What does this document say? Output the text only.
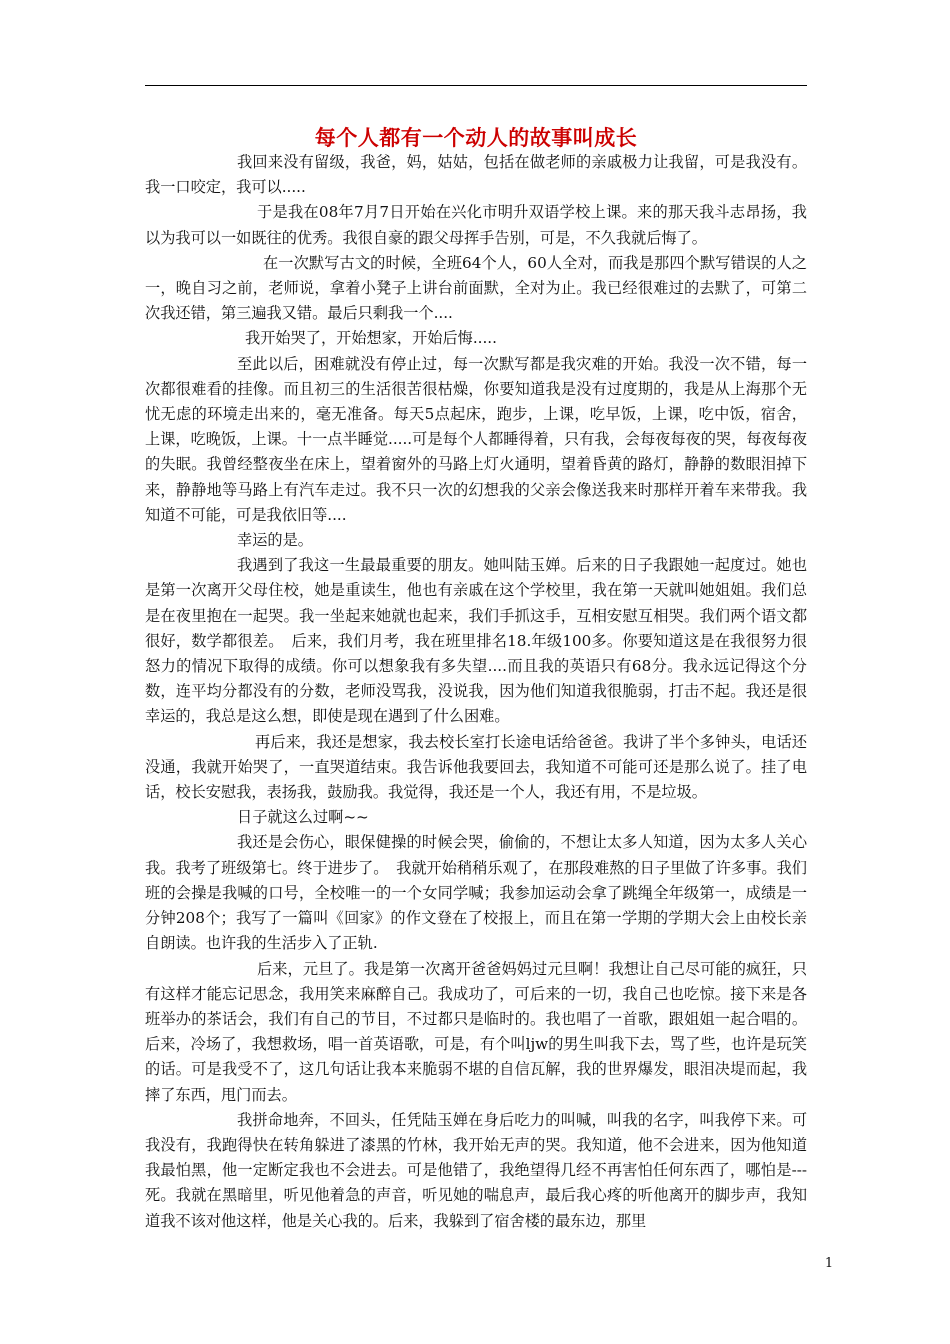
每个人都有一个动人的故事叫成长

我回来没有留级，我爸，妈，姑姑，包括在做老师的亲戚极力让我留，可是我没有。我一口咬定，我可以.....

于是我在08年7月7日开始在兴化市明升双语学校上课。来的那天我斗志昂扬，我以为我可以一如既往的优秀。我很自豪的跟父母挥手告别，可是，不久我就后悔了。

在一次默写古文的时候，全班64个人，60人全对，而我是那四个默写错误的人之一，晚自习之前，老师说，拿着小凳子上讲台前面默，全对为止。我已经很难过的去默了，可第二次我还错，第三遍我又错。最后只剩我一个....

我开始哭了，开始想家，开始后悔.....

至此以后，困难就没有停止过，每一次默写都是我灾难的开始。我没一次不错，每一次都很难看的挂像。而且初三的生活很苦很枯燥，你要知道我是没有过度期的，我是从上海那个无忧无虑的环境走出来的，毫无准备。每天5点起床，跑步，上课，吃早饭，上课，吃中饭，宿舍，上课，吃晚饭，上课。十一点半睡觉.....可是每个人都睡得着，只有我，会每夜每夜的哭，每夜每夜的失眠。我曾经整夜坐在床上，望着窗外的马路上灯火通明，望着昏黄的路灯，静静的数眼泪掉下来，静静地等马路上有汽车走过。我不只一次的幻想我的父亲会像送我来时那样开着车来带我。我知道不可能，可是我依旧等....

幸运的是。

我遇到了我这一生最最重要的朋友。她叫陆玉婵。后来的日子我跟她一起度过。她也是第一次离开父母住校，她是重读生，他也有亲戚在这个学校里，我在第一天就叫她姐姐。我们总是在夜里抱在一起哭。我一坐起来她就也起来，我们手抓这手，互相安慰互相哭。我们两个语文都很好，数学都很差。　后来，我们月考，我在班里排名18.年级100多。你要知道这是在我很努力很怒力的情况下取得的成绩。你可以想象我有多失望....而且我的英语只有68分。我永远记得这个分数，连平均分都没有的分数，老师没骂我，没说我，因为他们知道我很脆弱，打击不起。我还是很幸运的，我总是这么想，即使是现在遇到了什么困难。

再后来，我还是想家，我去校长室打长途电话给爸爸。我讲了半个多钟头，电话还没通，我就开始哭了，一直哭道结束。我告诉他我要回去，我知道不可能可还是那么说了。挂了电话，校长安慰我，表扬我，鼓励我。我觉得，我还是一个人，我还有用，不是垃圾。

日子就这么过啊~~

我还是会伤心，眼保健操的时候会哭，偷偷的，不想让太多人知道，因为太多人关心我。我考了班级第七。终于进步了。　我就开始稍稍乐观了，在那段难熬的日子里做了许多事。我们班的会操是我喊的口号，全校唯一的一个女同学喊；我参加运动会拿了跳绳全年级第一，成绩是一分钟208个；我写了一篇叫《回家》的作文登在了校报上，而且在第一学期的学期大会上由校长亲自朗读。也许我的生活步入了正轨.

后来，元旦了。我是第一次离开爸爸妈妈过元旦啊！我想让自己尽可能的疯狂，只有这样才能忘记思念，我用笑来麻醉自己。我成功了，可后来的一切，我自己也吃惊。接下来是各班举办的茶话会，我们有自己的节目，不过都只是临时的。我也唱了一首歌，跟姐姐一起合唱的。后来，冷场了，我想救场，唱一首英语歌，可是，有个叫ljw的男生叫我下去，骂了些，也许是玩笑的话。可是我受不了，这几句话让我本来脆弱不堪的自信瓦解，我的世界爆发，眼泪决堤而起，我摔了东西，甩门而去。

我拼命地奔，不回头，任凭陆玉婵在身后吃力的叫喊，叫我的名字，叫我停下来。可我没有，我跑得快在转角躲进了漆黑的竹林，我开始无声的哭。我知道，他不会进来，因为他知道我最怕黑，他一定断定我也不会进去。可是他错了，我绝望得几经不再害怕任何东西了，哪怕是---死。我就在黑暗里，听见他着急的声音，听见她的喘息声，最后我心疼的听他离开的脚步声，我知道我不该对他这样，他是关心我的。后来，我躲到了宿舍楼的最东边，那里

1
